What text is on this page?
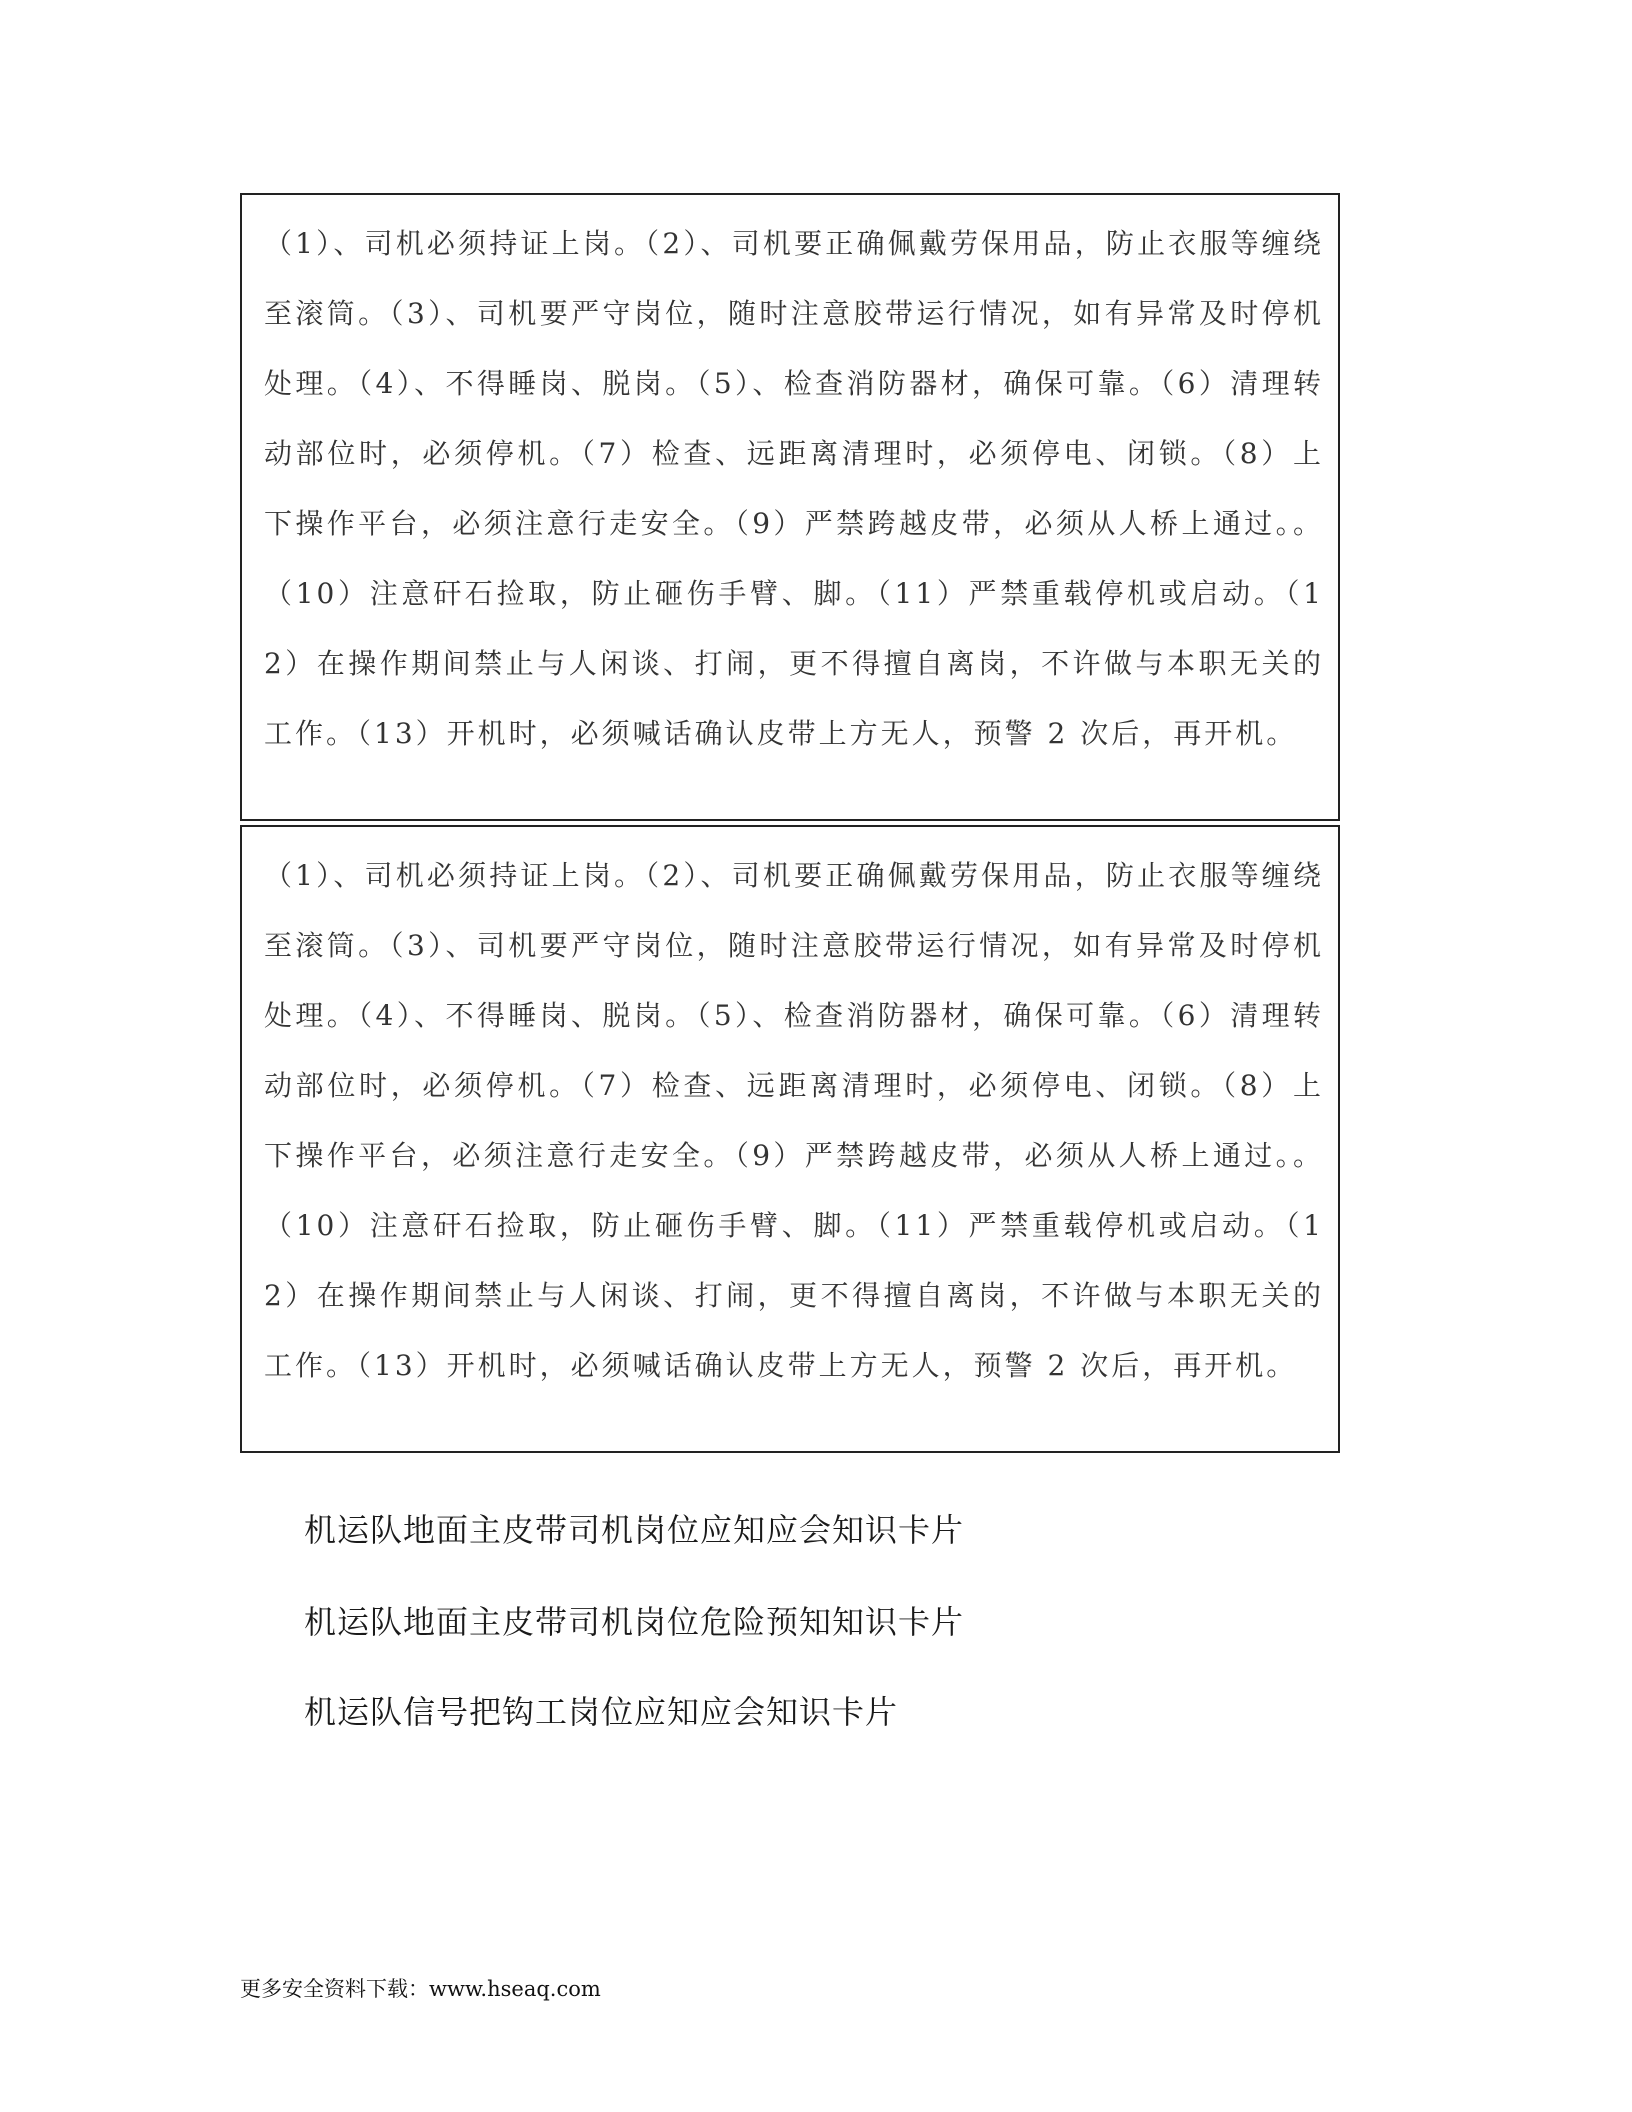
（1）、司机必须持证上岗。（2）、司机要正确佩戴劳保用品，防止衣服等缠绕至滚筒。（3）、司机要严守岗位，随时注意胶带运行情况，如有异常及时停机处理。（4）、不得睡岗、脱岗。（5）、检查消防器材，确保可靠。（6）清理转动部位时，必须停机。（7）检查、远距离清理时，必须停电、闭锁。（8）上下操作平台，必须注意行走安全。（9）严禁跨越皮带，必须从人桥上通过。。（10）注意矸石捡取，防止砸伤手臂、脚。（11）严禁重载停机或启动。（12）在操作期间禁止与人闲谈、打闹，更不得擅自离岗，不许做与本职无关的工作。（13）开机时，必须喊话确认皮带上方无人，预警 2 次后，再开机。

（1）、司机必须持证上岗。（2）、司机要正确佩戴劳保用品，防止衣服等缠绕至滚筒。（3）、司机要严守岗位，随时注意胶带运行情况，如有异常及时停机处理。（4）、不得睡岗、脱岗。（5）、检查消防器材，确保可靠。（6）清理转动部位时，必须停机。（7）检查、远距离清理时，必须停电、闭锁。（8）上下操作平台，必须注意行走安全。（9）严禁跨越皮带，必须从人桥上通过。。（10）注意矸石捡取，防止砸伤手臂、脚。（11）严禁重载停机或启动。（12）在操作期间禁止与人闲谈、打闹，更不得擅自离岗，不许做与本职无关的工作。（13）开机时，必须喊话确认皮带上方无人，预警 2 次后，再开机。

机运队地面主皮带司机岗位应知应会知识卡片

机运队地面主皮带司机岗位危险预知知识卡片

机运队信号把钩工岗位应知应会知识卡片

更多安全资料下载：www.hseaq.com
